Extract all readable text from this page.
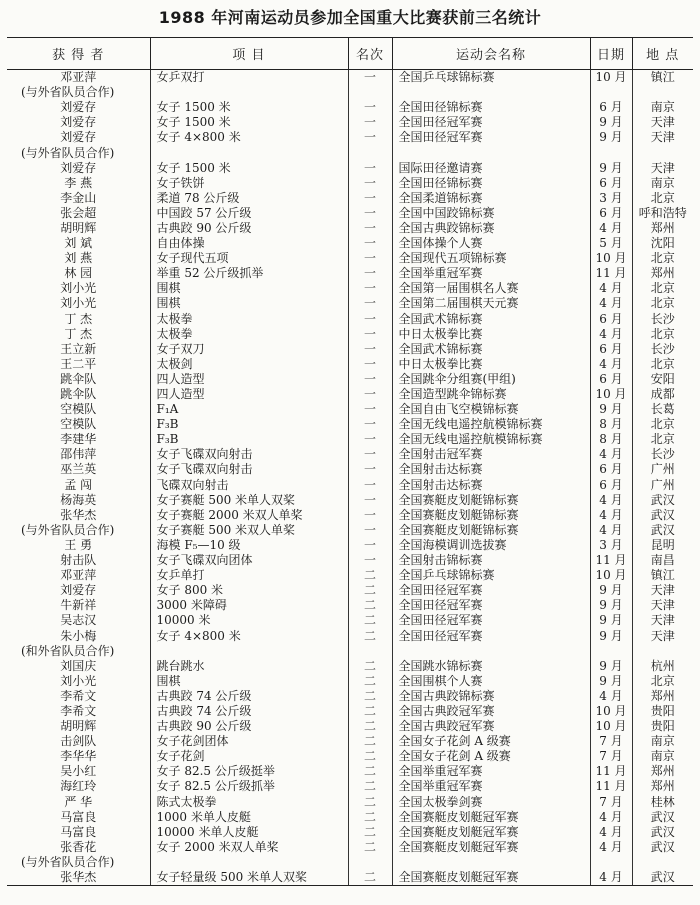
1988 年河南运动员参加全国重大比赛获前三名统计
获 得 者	项 目	名次	运动会名称	日期	地 点
邓亚萍	女乒双打	一	全国乒乓球锦标赛	10 月	镇江
(与外省队员合作)					
刘爱存	女子 1500 米	一	全国田径锦标赛	6 月	南京
刘爱存	女子 1500 米	一	全国田径冠军赛	9 月	天津
刘爱存	女子 4×800 米	一	全国田径冠军赛	9 月	天津
(与外省队员合作)					
刘爱存	女子 1500 米	一	国际田径邀请赛	9 月	天津
李 燕	女子铁饼	一	全国田径锦标赛	6 月	南京
李金山	柔道 78 公斤级	一	全国柔道锦标赛	3 月	北京
张会超	中国跤 57 公斤级	一	全国中国跤锦标赛	6 月	呼和浩特
胡明辉	古典跤 90 公斤级	一	全国古典跤锦标赛	4 月	郑州
刘 斌	自由体操	一	全国体操个人赛	5 月	沈阳
刘 燕	女子现代五项	一	全国现代五项锦标赛	10 月	北京
林 园	举重 52 公斤级抓举	一	全国举重冠军赛	11 月	郑州
刘小光	围棋	一	全国第一届围棋名人赛	4 月	北京
刘小光	围棋	一	全国第二届围棋天元赛	4 月	北京
丁 杰	太极拳	一	全国武术锦标赛	6 月	长沙
丁 杰	太极拳	一	中日太极拳比赛	4 月	北京
王立新	女子双刀	一	全国武术锦标赛	6 月	长沙
王二平	太极剑	一	中日太极拳比赛	4 月	北京
跳伞队	四人造型	一	全国跳伞分组赛(甲组)	6 月	安阳
跳伞队	四人造型	一	全国造型跳伞锦标赛	10 月	成都
空模队	F₁A	一	全国自由飞空模锦标赛	9 月	长葛
空模队	F₃B	一	全国无线电遥控航模锦标赛	8 月	北京
李建华	F₃B	一	全国无线电遥控航模锦标赛	8 月	北京
邵伟萍	女子飞碟双向射击	一	全国射击冠军赛	4 月	长沙
巫兰英	女子飞碟双向射击	一	全国射击达标赛	6 月	广州
孟 闯	飞碟双向射击	一	全国射击达标赛	6 月	广州
杨海英	女子赛艇 500 米单人双桨	一	全国赛艇皮划艇锦标赛	4 月	武汉
张华杰	女子赛艇 2000 米双人单桨	一	全国赛艇皮划艇锦标赛	4 月	武汉
(与外省队员合作)	女子赛艇 500 米双人单桨	一	全国赛艇皮划艇锦标赛	4 月	武汉
王 勇	海模 F₅—10 级	一	全国海模调训选拔赛	3 月	昆明
射击队	女子飞碟双向团体	一	全国射击锦标赛	11 月	南昌
邓亚萍	女乒单打	二	全国乒乓球锦标赛	10 月	镇江
刘爱存	女子 800 米	二	全国田径冠军赛	9 月	天津
牛新祥	3000 米障碍	二	全国田径冠军赛	9 月	天津
吴志汉	10000 米	二	全国田径冠军赛	9 月	天津
朱小梅	女子 4×800 米	二	全国田径冠军赛	9 月	天津
(和外省队员合作)					
刘国庆	跳台跳水	二	全国跳水锦标赛	9 月	杭州
刘小光	围棋	二	全国围棋个人赛	9 月	北京
李希文	古典跤 74 公斤级	二	全国古典跤锦标赛	4 月	郑州
李希文	古典跤 74 公斤级	二	全国古典跤冠军赛	10 月	贵阳
胡明辉	古典跤 90 公斤级	二	全国古典跤冠军赛	10 月	贵阳
击剑队	女子花剑团体	二	全国女子花剑 A 级赛	7 月	南京
李华华	女子花剑	二	全国女子花剑 A 级赛	7 月	南京
吴小红	女子 82.5 公斤级挺举	二	全国举重冠军赛	11 月	郑州
海红玲	女子 82.5 公斤级抓举	二	全国举重冠军赛	11 月	郑州
严 华	陈式太极拳	二	全国太极拳剑赛	7 月	桂林
马富良	1000 米单人皮艇	二	全国赛艇皮划艇冠军赛	4 月	武汉
马富良	10000 米单人皮艇	二	全国赛艇皮划艇冠军赛	4 月	武汉
张香花	女子 2000 米双人单桨	二	全国赛艇皮划艇冠军赛	4 月	武汉
(与外省队员合作)					
张华杰	女子轻量级 500 米单人双桨	二	全国赛艇皮划艇冠军赛	4 月	武汉
